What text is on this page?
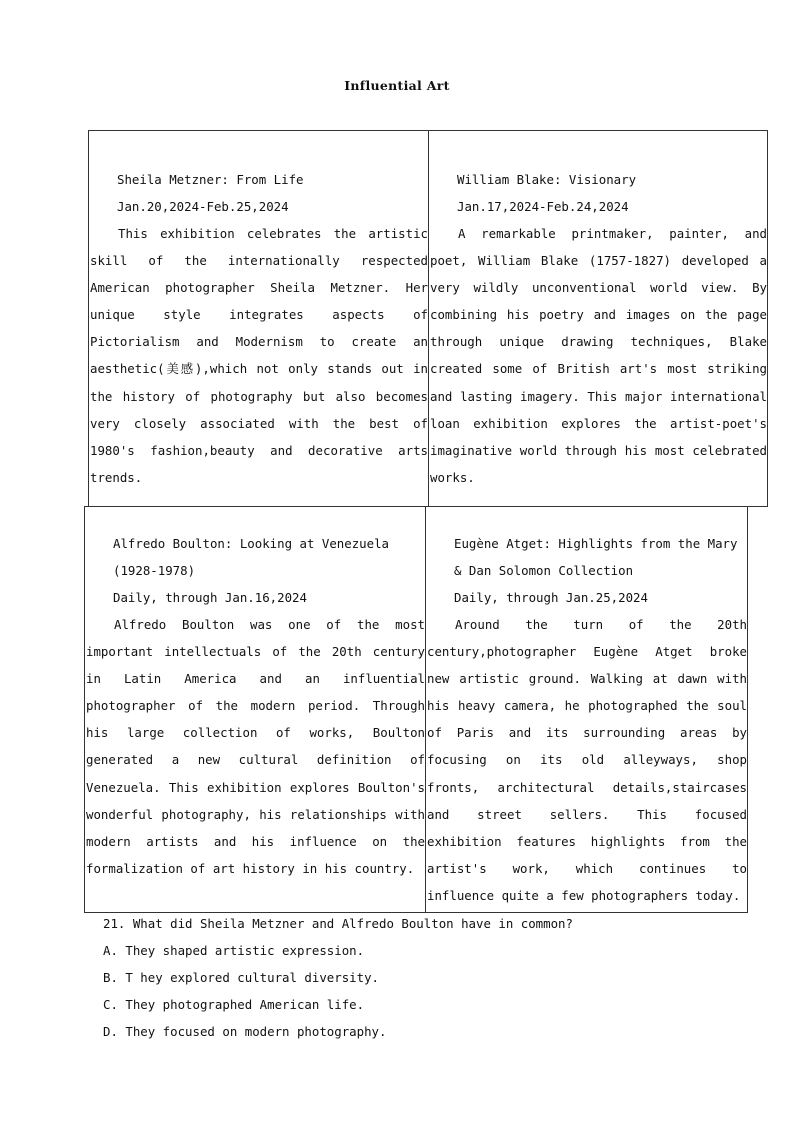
Influential Art
Sheila Metzner: From Life
Jan.20,2024-Feb.25,2024

This exhibition celebrates the artistic skill of the internationally respected American photographer Sheila Metzner. Her unique style integrates aspects of Pictorialism and Modernism to create an aesthetic(美感),which not only stands out in the history of photography but also becomes very closely associated with the best of 1980's fashion,beauty and decorative arts trends.

William Blake: Visionary
Jan.17,2024-Feb.24,2024

A remarkable printmaker, painter, and poet, William Blake (1757-1827) developed a very wildly unconventional world view. By combining his poetry and images on the page through unique drawing techniques, Blake created some of British art's most striking and lasting imagery. This major international loan exhibition explores the artist-poet's imaginative world through his most celebrated works.

Alfredo Boulton: Looking at Venezuela
(1928-1978)
Daily, through Jan.16,2024

Alfredo Boulton was one of the most important intellectuals of the 20th century in Latin America and an influential photographer of the modern period. Through his large collection of works, Boulton generated a new cultural definition of Venezuela. This exhibition explores Boulton's wonderful photography, his relationships with modern artists and his influence on the formalization of art history in his country.

Eugène Atget: Highlights from the Mary
& Dan Solomon Collection
Daily, through Jan.25,2024

Around the turn of the 20th century,photographer Eugène Atget broke new artistic ground. Walking at dawn with his heavy camera, he photographed the soul of Paris and its surrounding areas by focusing on its old alleyways, shop fronts, architectural details,staircases and street sellers. This focused exhibition features highlights from the artist's work, which continues to influence quite a few photographers today.

21. What did Sheila Metzner and Alfredo Boulton have in common?
A. They shaped artistic expression.
B. T hey explored cultural diversity.
C. They photographed American life.
D. They focused on modern photography.
